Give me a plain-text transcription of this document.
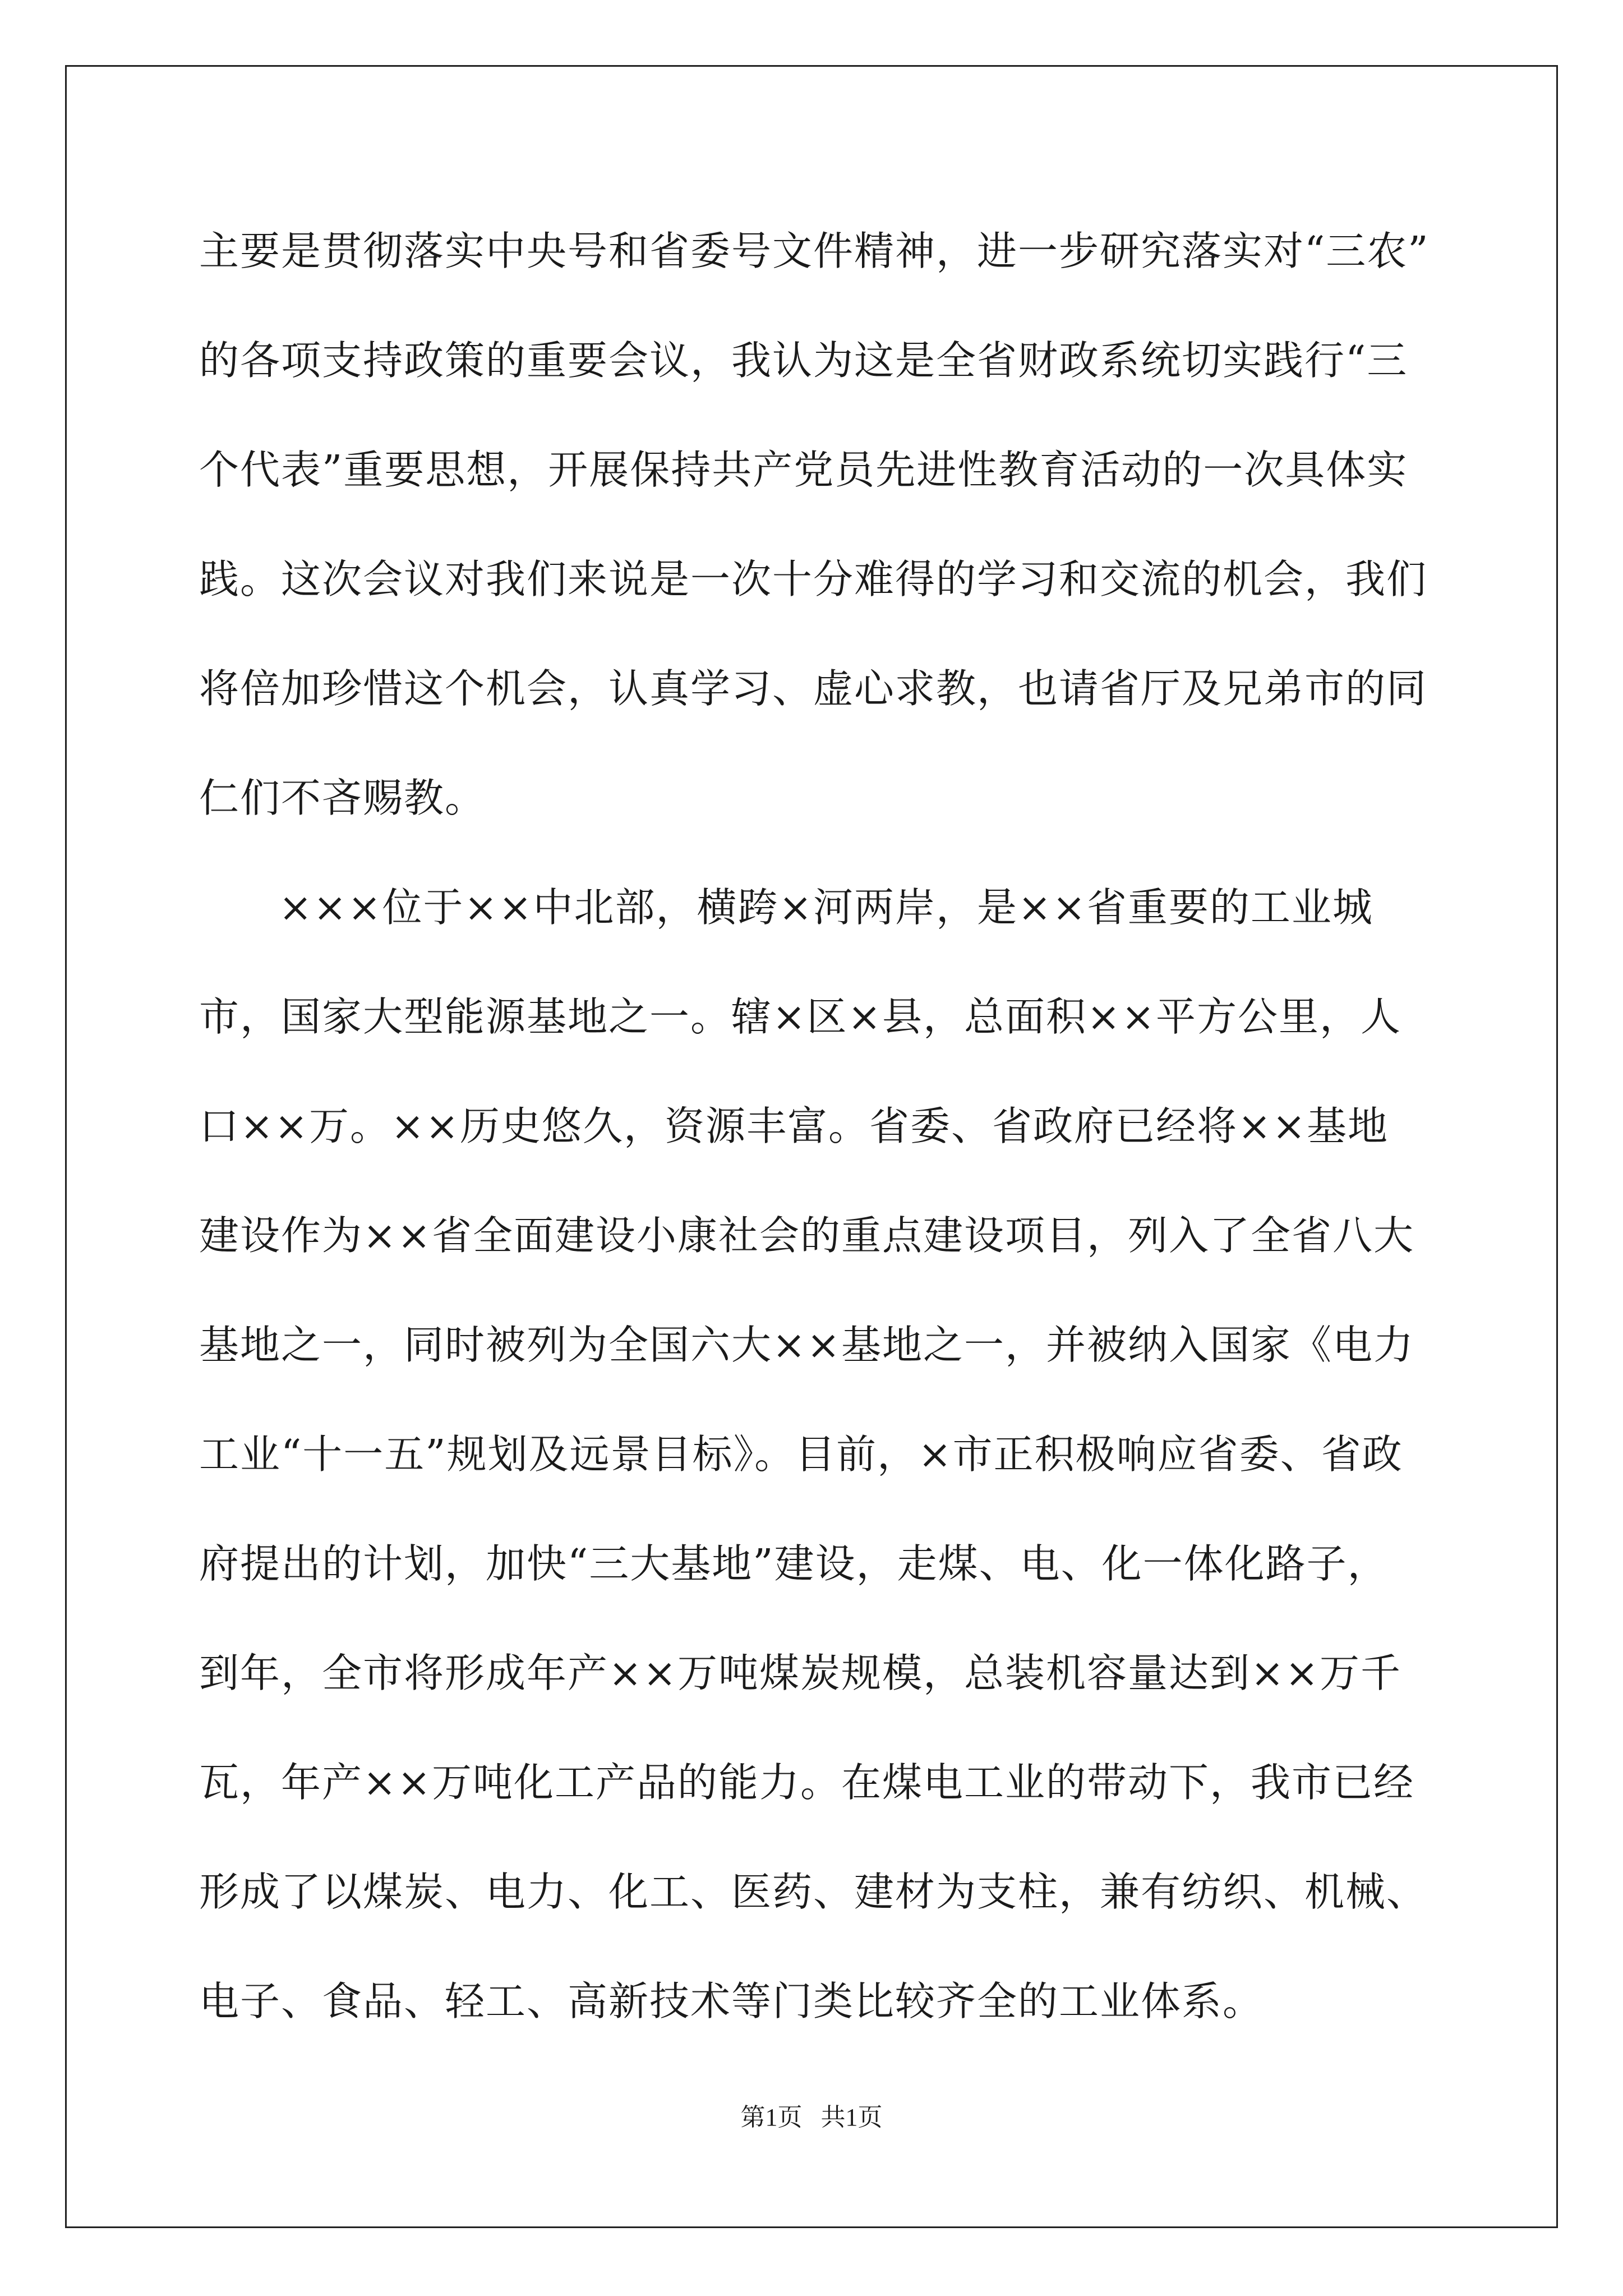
主要是贯彻落实中央号和省委号文件精神，进一步研究落实对“三农”
的各项支持政策的重要会议，我认为这是全省财政系统切实践行“三
个代表”重要思想，开展保持共产党员先进性教育活动的一次具体实
践。这次会议对我们来说是一次十分难得的学习和交流的机会，我们
将倍加珍惜这个机会，认真学习、虚心求教，也请省厅及兄弟市的同
仁们不吝赐教。
×××位于××中北部，横跨×河两岸，是××省重要的工业城
市，国家大型能源基地之一。辖×区×县，总面积××平方公里，人
口××万。××历史悠久，资源丰富。省委、省政府已经将××基地
建设作为××省全面建设小康社会的重点建设项目，列入了全省八大
基地之一，同时被列为全国六大××基地之一，并被纳入国家《电力
工业“十一五”规划及远景目标》。目前，×市正积极响应省委、省政
府提出的计划，加快“三大基地”建设，走煤、电、化一体化路子，
到年，全市将形成年产××万吨煤炭规模，总装机容量达到××万千
瓦，年产××万吨化工产品的能力。在煤电工业的带动下，我市已经
形成了以煤炭、电力、化工、医药、建材为支柱，兼有纺织、机械、
电子、食品、轻工、高新技术等门类比较齐全的工业体系。
第1页   共1页
